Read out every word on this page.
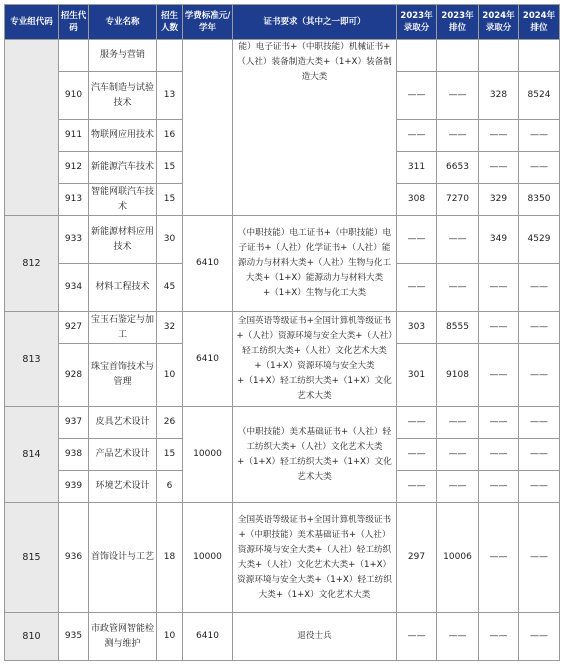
专业组代码	招生代码	专业名称	招生人数	学费标准元/学年	证书要求（其中之一即可）	2023年录取分	2023年排位	2024年录取分	2024年排位
		服务与营销			能）电子证书+（中职技能）机械证书+（人社）装备制造大类+（1+X）装备制造大类				
	910	汽车制造与试验技术	13			——	——	328	8524
	911	物联网应用技术	16			——	——	——	——
	912	新能源汽车技术	15			311	6653	——	——
	913	智能网联汽车技术	15			308	7270	329	8350
812	933	新能源材料应用技术	30	6410	（中职技能）电工证书+（中职技能）电子证书+（人社）化学证书+（人社）能源动力与材料大类+（人社）生物与化工大类+（1+X）能源动力与材料大类+（1+X）生物与化工大类	——	——	349	4529
	934	材料工程技术	45			——	——	——	——
813	927	宝玉石鉴定与加工	32	6410	全国英语等级证书+全国计算机等级证书+（人社）资源环境与安全大类+（人社）轻工纺织大类+（人社）文化艺术大类+（1+X）资源环境与安全大类+（1+X）轻工纺织大类+（1+X）文化艺术大类	303	8555	——	——
	928	珠宝首饰技术与管理	10			301	9108	——	——
814	937	皮具艺术设计	26	10000	（中职技能）美术基础证书+（人社）轻工纺织大类+（人社）文化艺术大类+（1+X）轻工纺织大类+（1+X）文化艺术大类	——	——	——	——
	938	产品艺术设计	15			——	——	——	——
	939	环境艺术设计	6			——	——	——	——
815	936	首饰设计与工艺	18	10000	全国英语等级证书+全国计算机等级证书+（中职技能）美术基础证书+（人社）资源环境与安全大类+（人社）轻工纺织大类+（人社）文化艺术大类+（1+X）资源环境与安全大类+（1+X）轻工纺织大类+（1+X）文化艺术大类	297	10006	——	——
810	935	市政管网智能检测与维护	10	6410	退役士兵	——	——	——	——
